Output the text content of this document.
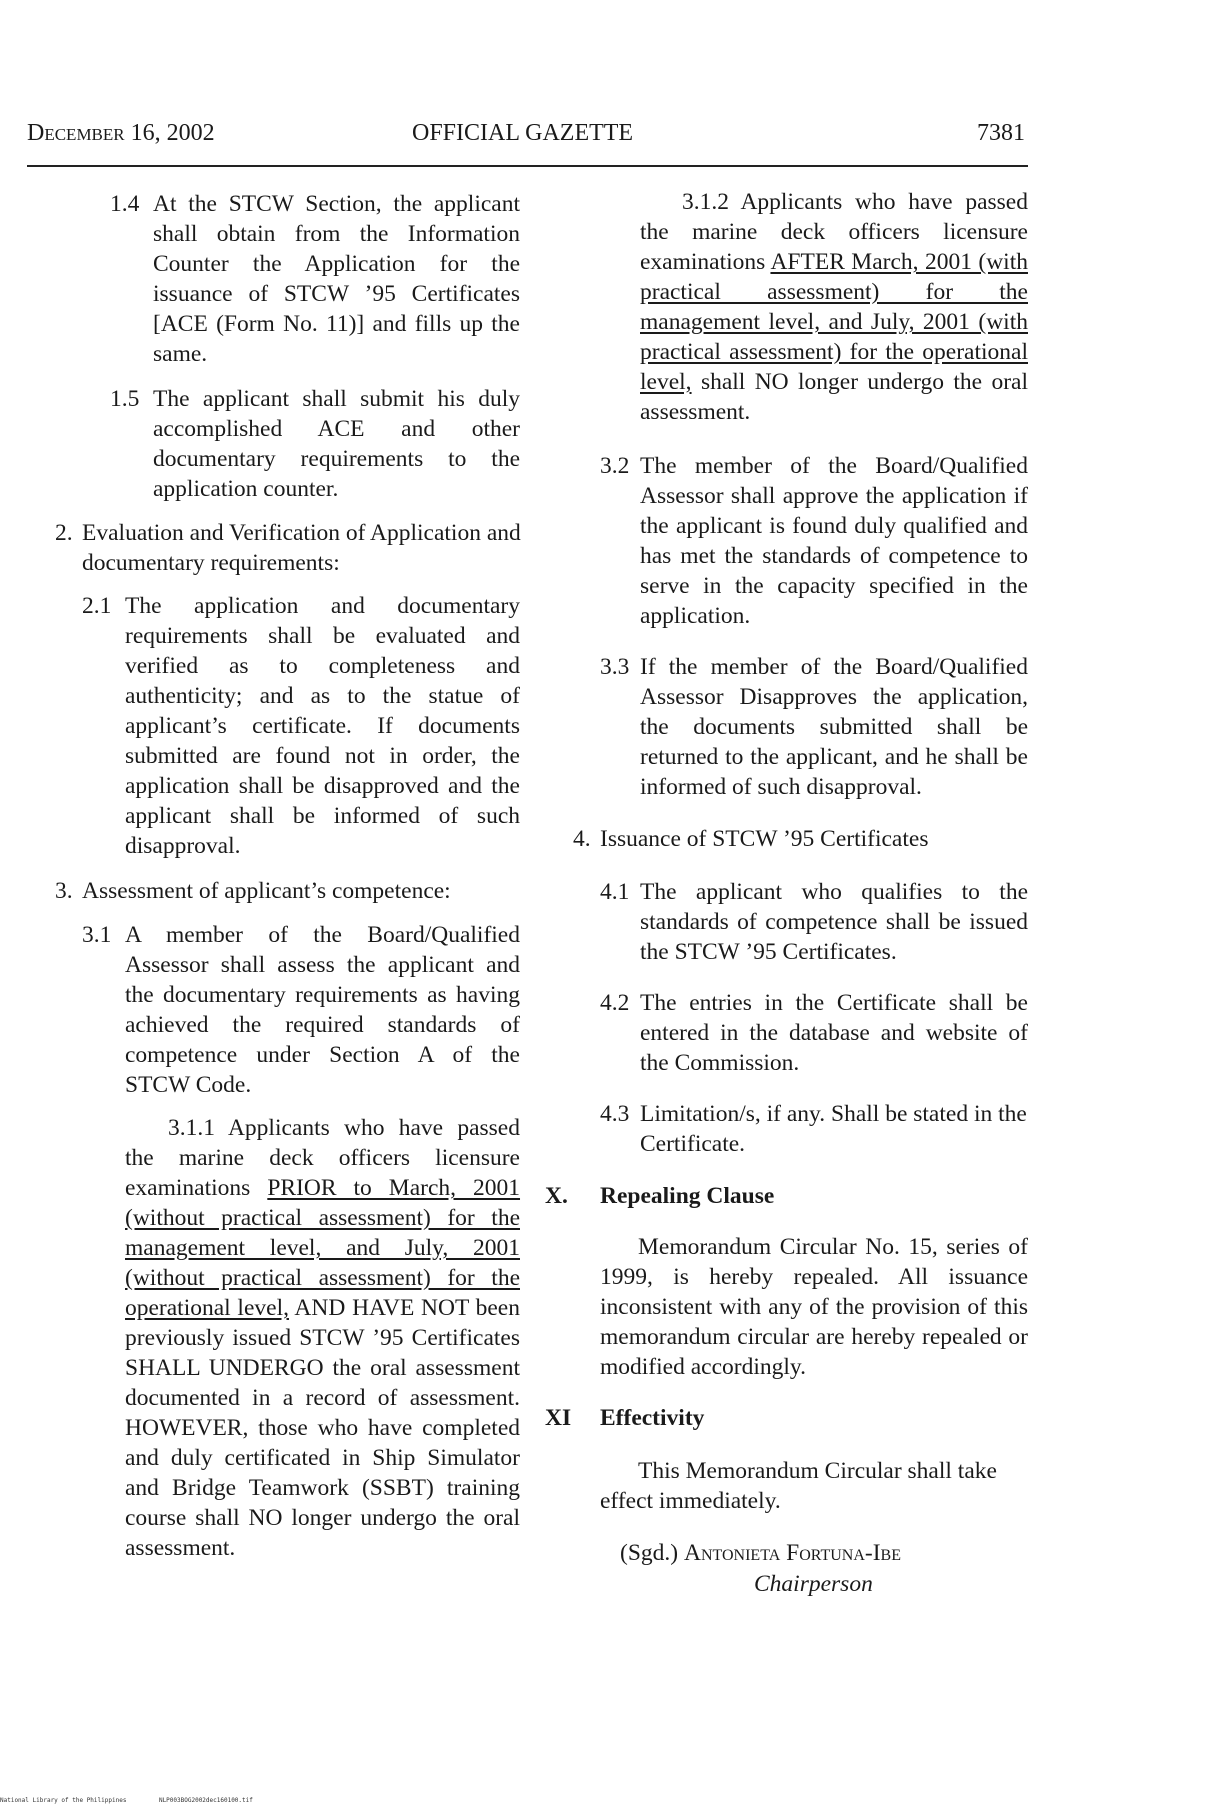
December 16, 2002	OFFICIAL GAZETTE	7381
1.4 At the STCW Section, the applicant shall obtain from the Information Counter the Application for the issuance of STCW ’95 Certificates [ACE (Form No. 11)] and fills up the same.

1.5 The applicant shall submit his duly accomplished ACE and other documentary requirements to the application counter.

2. Evaluation and Verification of Application and documentary requirements:

2.1 The application and documentary requirements shall be evaluated and verified as to completeness and authenticity; and as to the statue of applicant’s certificate. If documents submitted are found not in order, the application shall be disapproved and the applicant shall be informed of such disapproval.

3. Assessment of applicant’s competence:

3.1 A member of the Board/Qualified Assessor shall assess the applicant and the documentary requirements as having achieved the required standards of competence under Section A of the STCW Code.

3.1.1 Applicants who have passed the marine deck officers licensure examinations PRIOR to March, 2001 (without practical assessment) for the management level, and July, 2001 (without practical assessment) for the operational level, AND HAVE NOT been previously issued STCW ’95 Certificates SHALL UNDERGO the oral assessment documented in a record of assessment. HOWEVER, those who have completed and duly certificated in Ship Simulator and Bridge Teamwork (SSBT) training course shall NO longer undergo the oral assessment.

3.1.2 Applicants who have passed the marine deck officers licensure examinations AFTER March, 2001 (with practical assessment) for the management level, and July, 2001 (with practical assessment) for the operational level, shall NO longer undergo the oral assessment.

3.2 The member of the Board/Qualified Assessor shall approve the application if the applicant is found duly qualified and has met the standards of competence to serve in the capacity specified in the application.

3.3 If the member of the Board/Qualified Assessor Disapproves the application, the documents submitted shall be returned to the applicant, and he shall be informed of such disapproval.

4. Issuance of STCW ’95 Certificates

4.1 The applicant who qualifies to the standards of competence shall be issued the STCW ’95 Certificates.

4.2 The entries in the Certificate shall be entered in the database and website of the Commission.

4.3 Limitation/s, if any. Shall be stated in the Certificate.

X. Repealing Clause

Memorandum Circular No. 15, series of 1999, is hereby repealed. All issuance inconsistent with any of the provision of this memorandum circular are hereby repealed or modified accordingly.

XI Effectivity

This Memorandum Circular shall take effect immediately.

(Sgd.) Antonieta Fortuna-Ibe
Chairperson
National Library of the Philippines	NLP003BOG2002dec160100.tif
